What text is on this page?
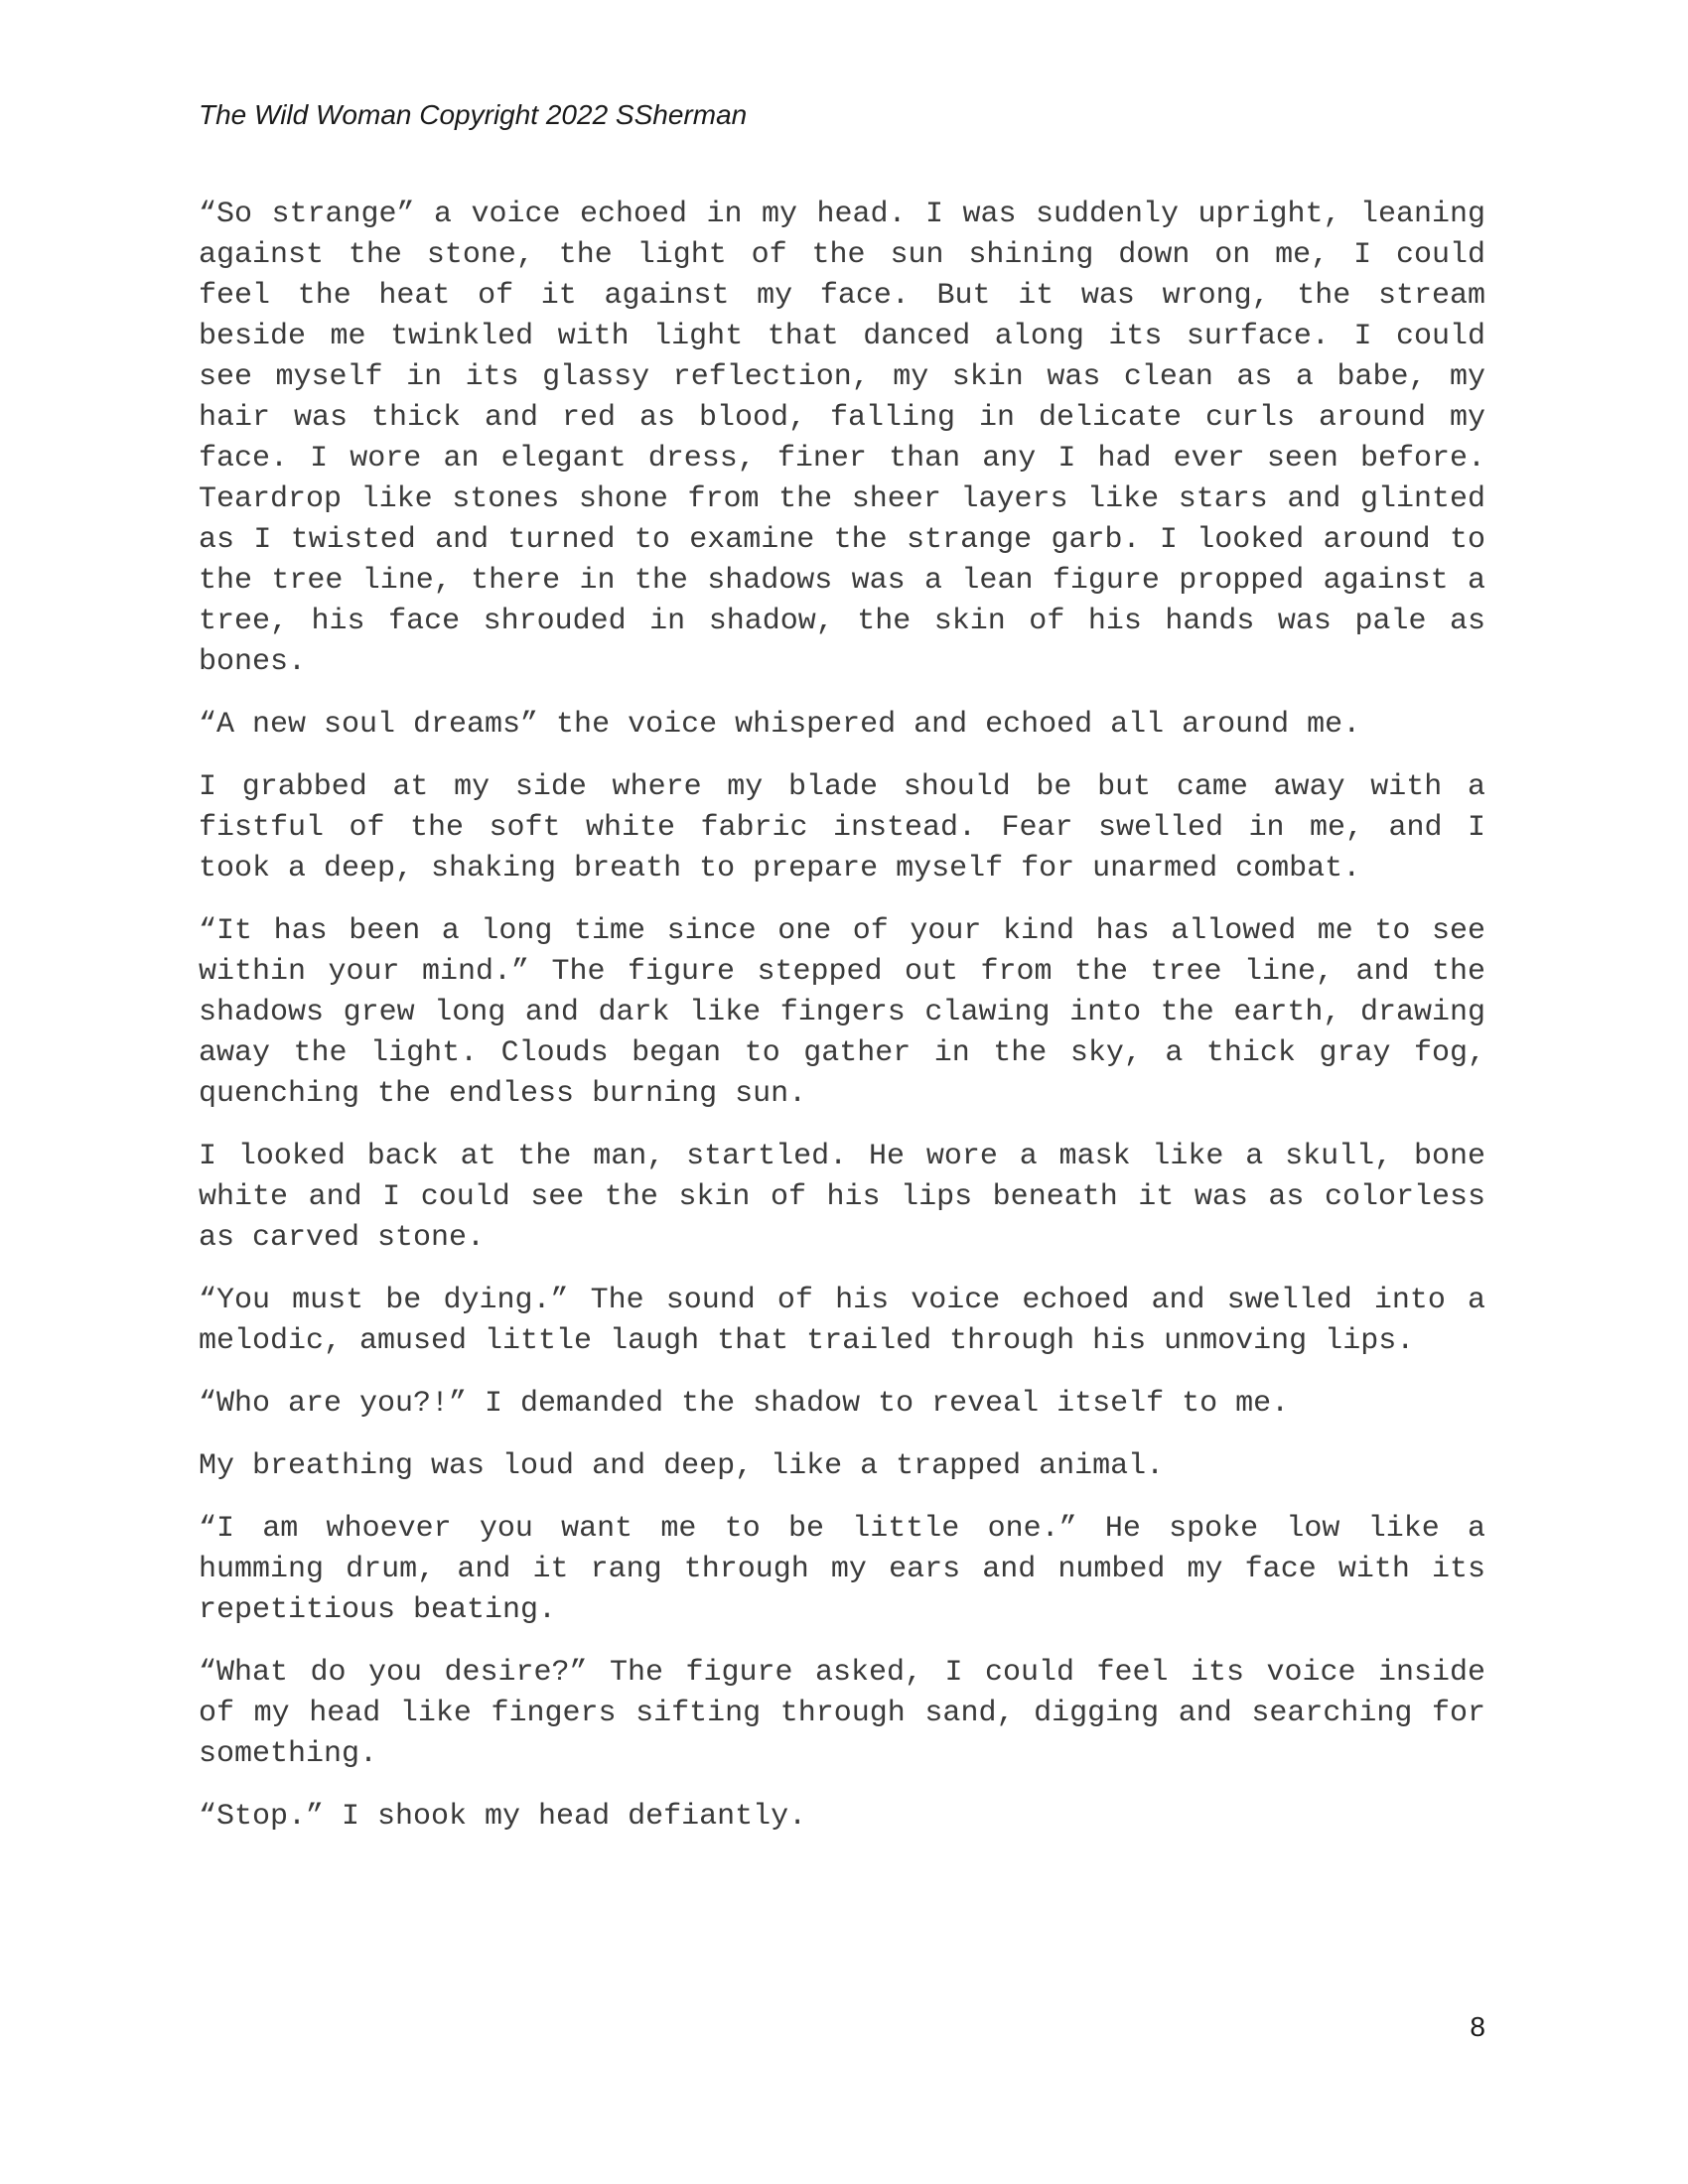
The Wild Woman Copyright 2022 SSherman

“So strange” a voice echoed in my head. I was suddenly upright, leaning against the stone, the light of the sun shining down on me, I could feel the heat of it against my face. But it was wrong, the stream beside me twinkled with light that danced along its surface. I could see myself in its glassy reflection, my skin was clean as a babe, my hair was thick and red as blood, falling in delicate curls around my face. I wore an elegant dress, finer than any I had ever seen before. Teardrop like stones shone from the sheer layers like stars and glinted as I twisted and turned to examine the strange garb. I looked around to the tree line, there in the shadows was a lean figure propped against a tree, his face shrouded in shadow, the skin of his hands was pale as bones.

“A new soul dreams” the voice whispered and echoed all around me.

I grabbed at my side where my blade should be but came away with a fistful of the soft white fabric instead. Fear swelled in me, and I took a deep, shaking breath to prepare myself for unarmed combat.

“It has been a long time since one of your kind has allowed me to see within your mind.” The figure stepped out from the tree line, and the shadows grew long and dark like fingers clawing into the earth, drawing away the light. Clouds began to gather in the sky, a thick gray fog, quenching the endless burning sun.

I looked back at the man, startled. He wore a mask like a skull, bone white and I could see the skin of his lips beneath it was as colorless as carved stone.

“You must be dying.” The sound of his voice echoed and swelled into a melodic, amused little laugh that trailed through his unmoving lips.

“Who are you?!” I demanded the shadow to reveal itself to me.

My breathing was loud and deep, like a trapped animal.

“I am whoever you want me to be little one.” He spoke low like a humming drum, and it rang through my ears and numbed my face with its repetitious beating.

“What do you desire?” The figure asked, I could feel its voice inside of my head like fingers sifting through sand, digging and searching for something.

“Stop.” I shook my head defiantly.

8
